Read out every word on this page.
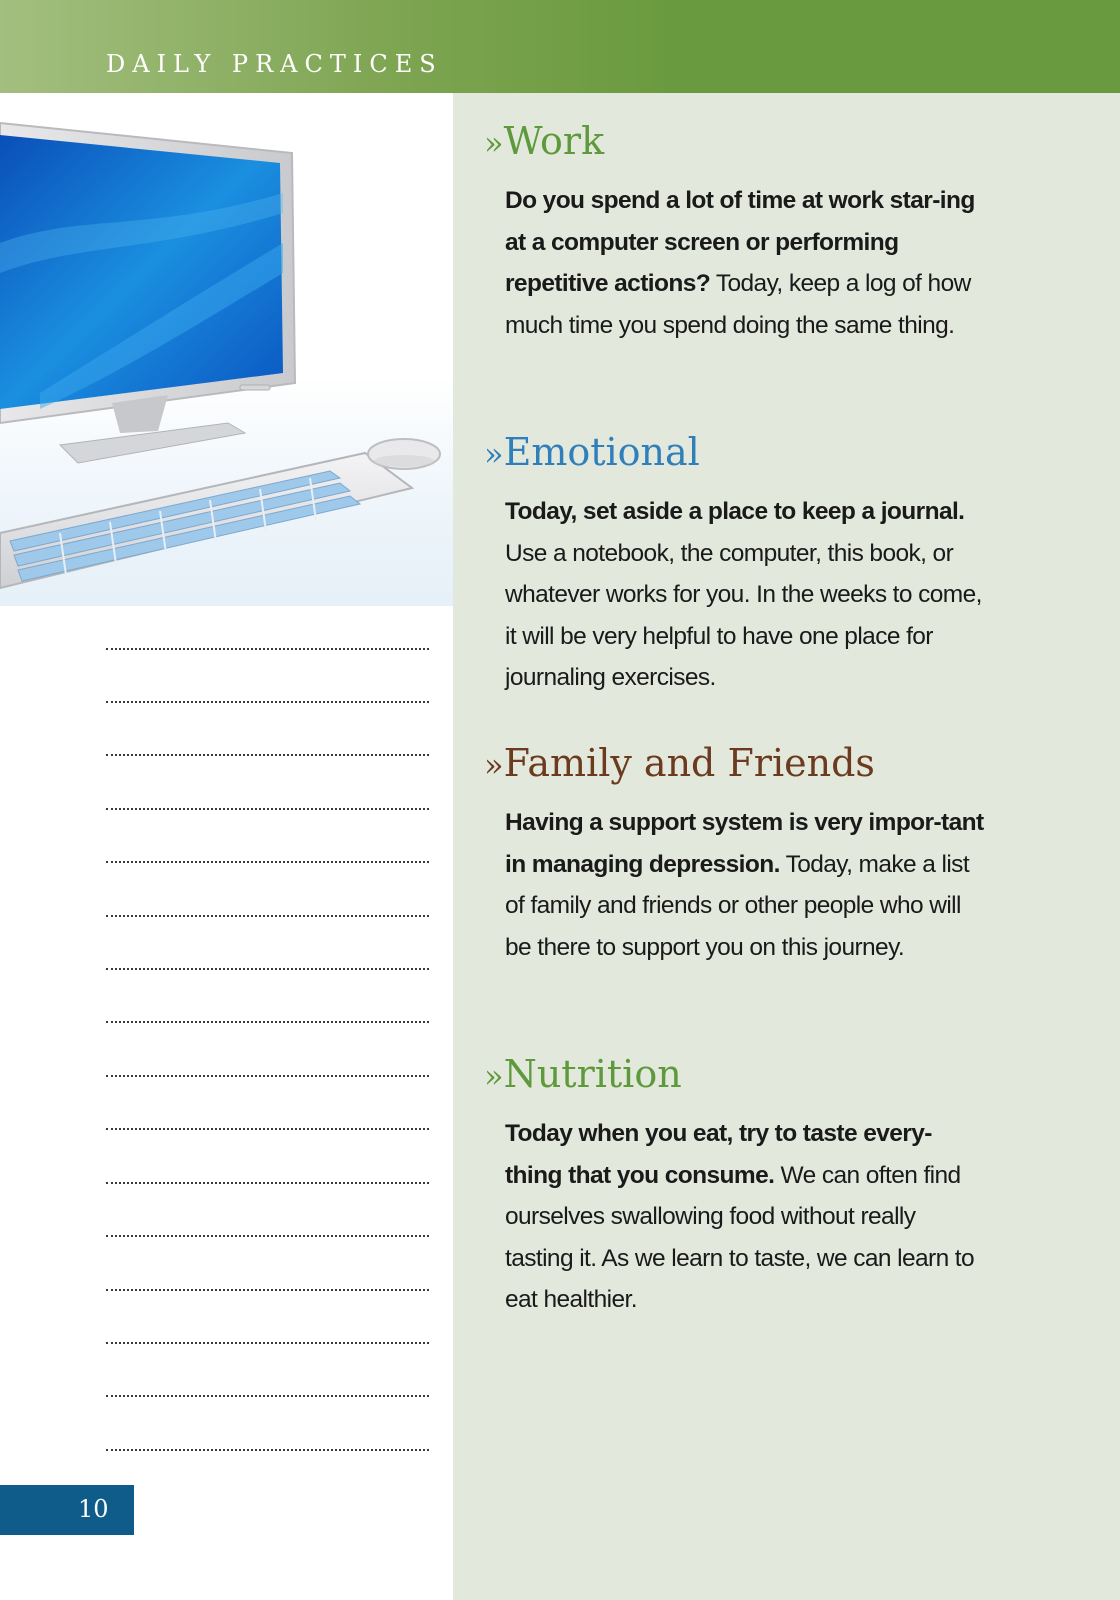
DAILY PRACTICES
10
»Work
Do you spend a lot of time at work star-ing at a computer screen or performing repetitive actions? Today, keep a log of how much time you spend doing the same thing.
»Emotional
Today, set aside a place to keep a journal. Use a notebook, the computer, this book, or whatever works for you. In the weeks to come, it will be very helpful to have one place for journaling exercises.
»Family and Friends
Having a support system is very impor-tant in managing depression. Today, make a list of family and friends or other people who will be there to support you on this journey.
»Nutrition
Today when you eat, try to taste every-thing that you consume. We can often find ourselves swallowing food without really tasting it. As we learn to taste, we can learn to eat healthier.
